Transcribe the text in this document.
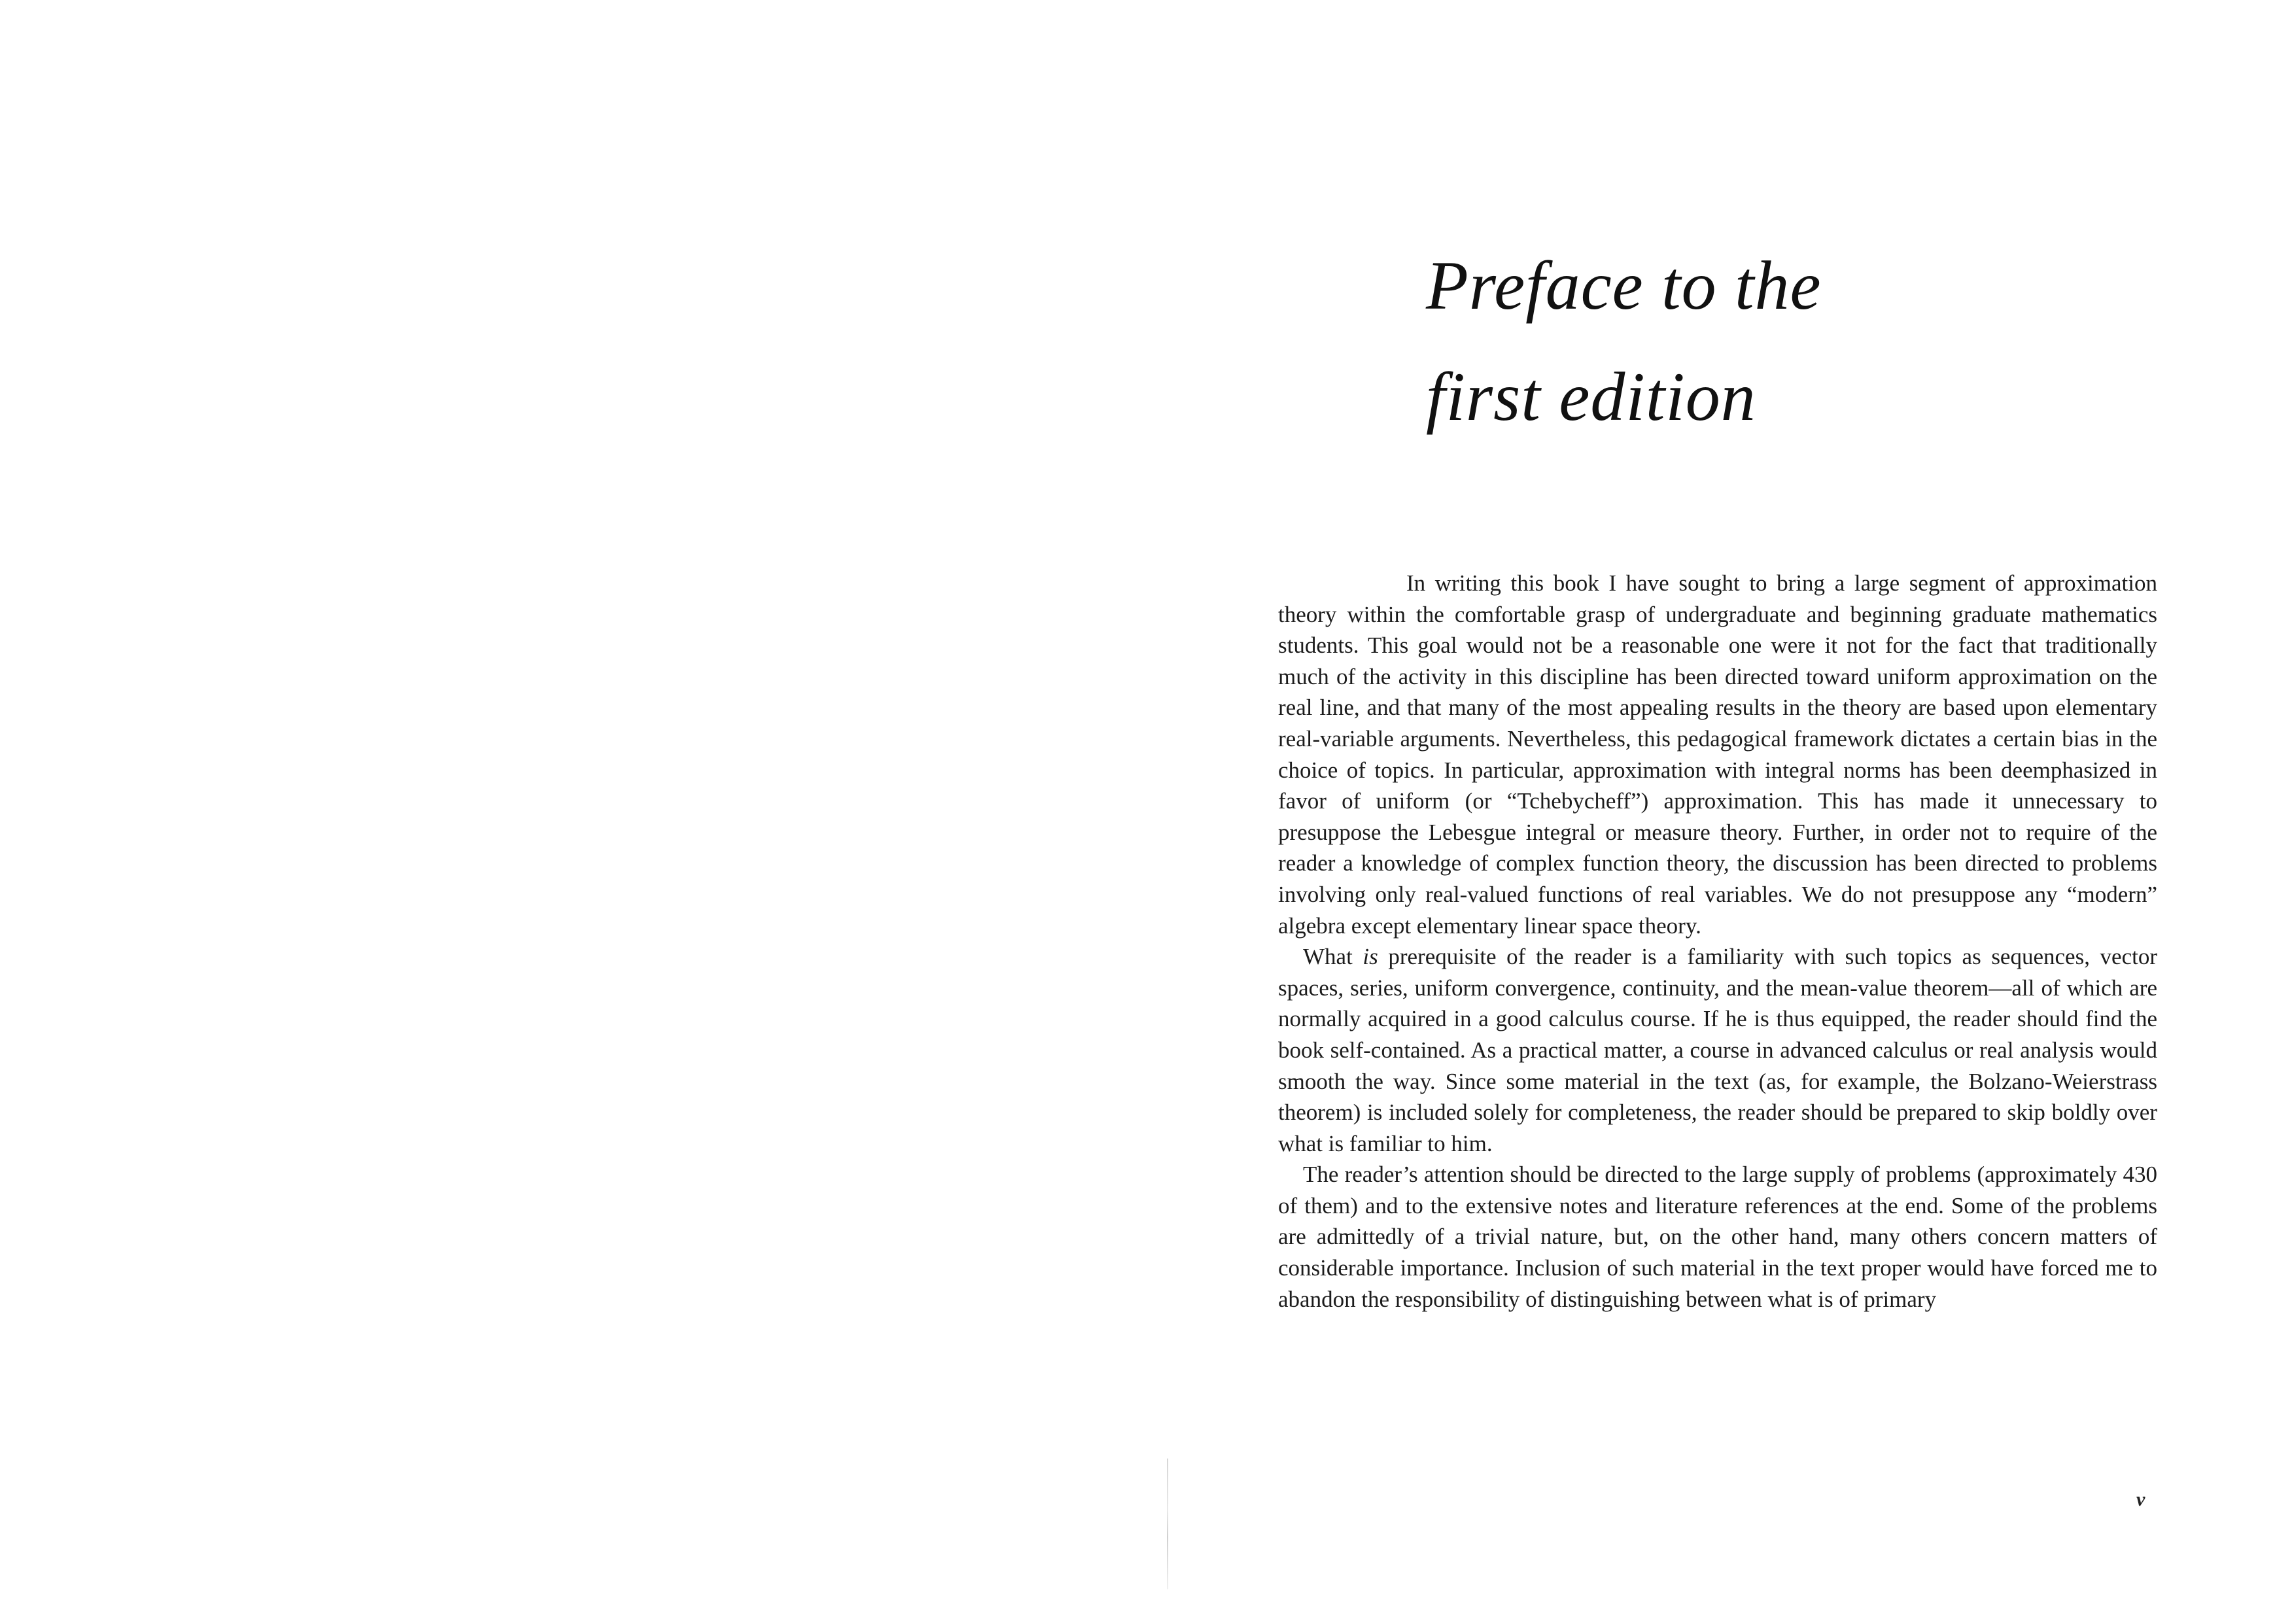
Preface to the
first edition

In writing this book I have sought to bring a large segment of approximation theory within the comfortable grasp of undergraduate and beginning graduate mathematics students. This goal would not be a reasonable one were it not for the fact that traditionally much of the activity in this discipline has been directed toward uniform approximation on the real line, and that many of the most appealing results in the theory are based upon elementary real-variable arguments. Nevertheless, this pedagogical framework dictates a certain bias in the choice of topics. In particular, approximation with integral norms has been deemphasized in favor of uniform (or “Tchebycheff”) approximation. This has made it unnecessary to presuppose the Lebesgue integral or measure theory. Further, in order not to require of the reader a knowledge of complex function theory, the discussion has been directed to problems involving only real-valued functions of real variables. We do not presuppose any “modern” algebra except elementary linear space theory.

What is prerequisite of the reader is a familiarity with such topics as sequences, vector spaces, series, uniform convergence, continuity, and the mean-value theorem—all of which are normally acquired in a good calculus course. If he is thus equipped, the reader should find the book self-contained. As a practical matter, a course in advanced calculus or real analysis would smooth the way. Since some material in the text (as, for example, the Bolzano-Weierstrass theorem) is included solely for completeness, the reader should be prepared to skip boldly over what is familiar to him.

The reader’s attention should be directed to the large supply of problems (approximately 430 of them) and to the extensive notes and literature references at the end. Some of the problems are admittedly of a trivial nature, but, on the other hand, many others concern matters of considerable importance. Inclusion of such material in the text proper would have forced me to abandon the responsibility of distinguishing between what is of primary

v
